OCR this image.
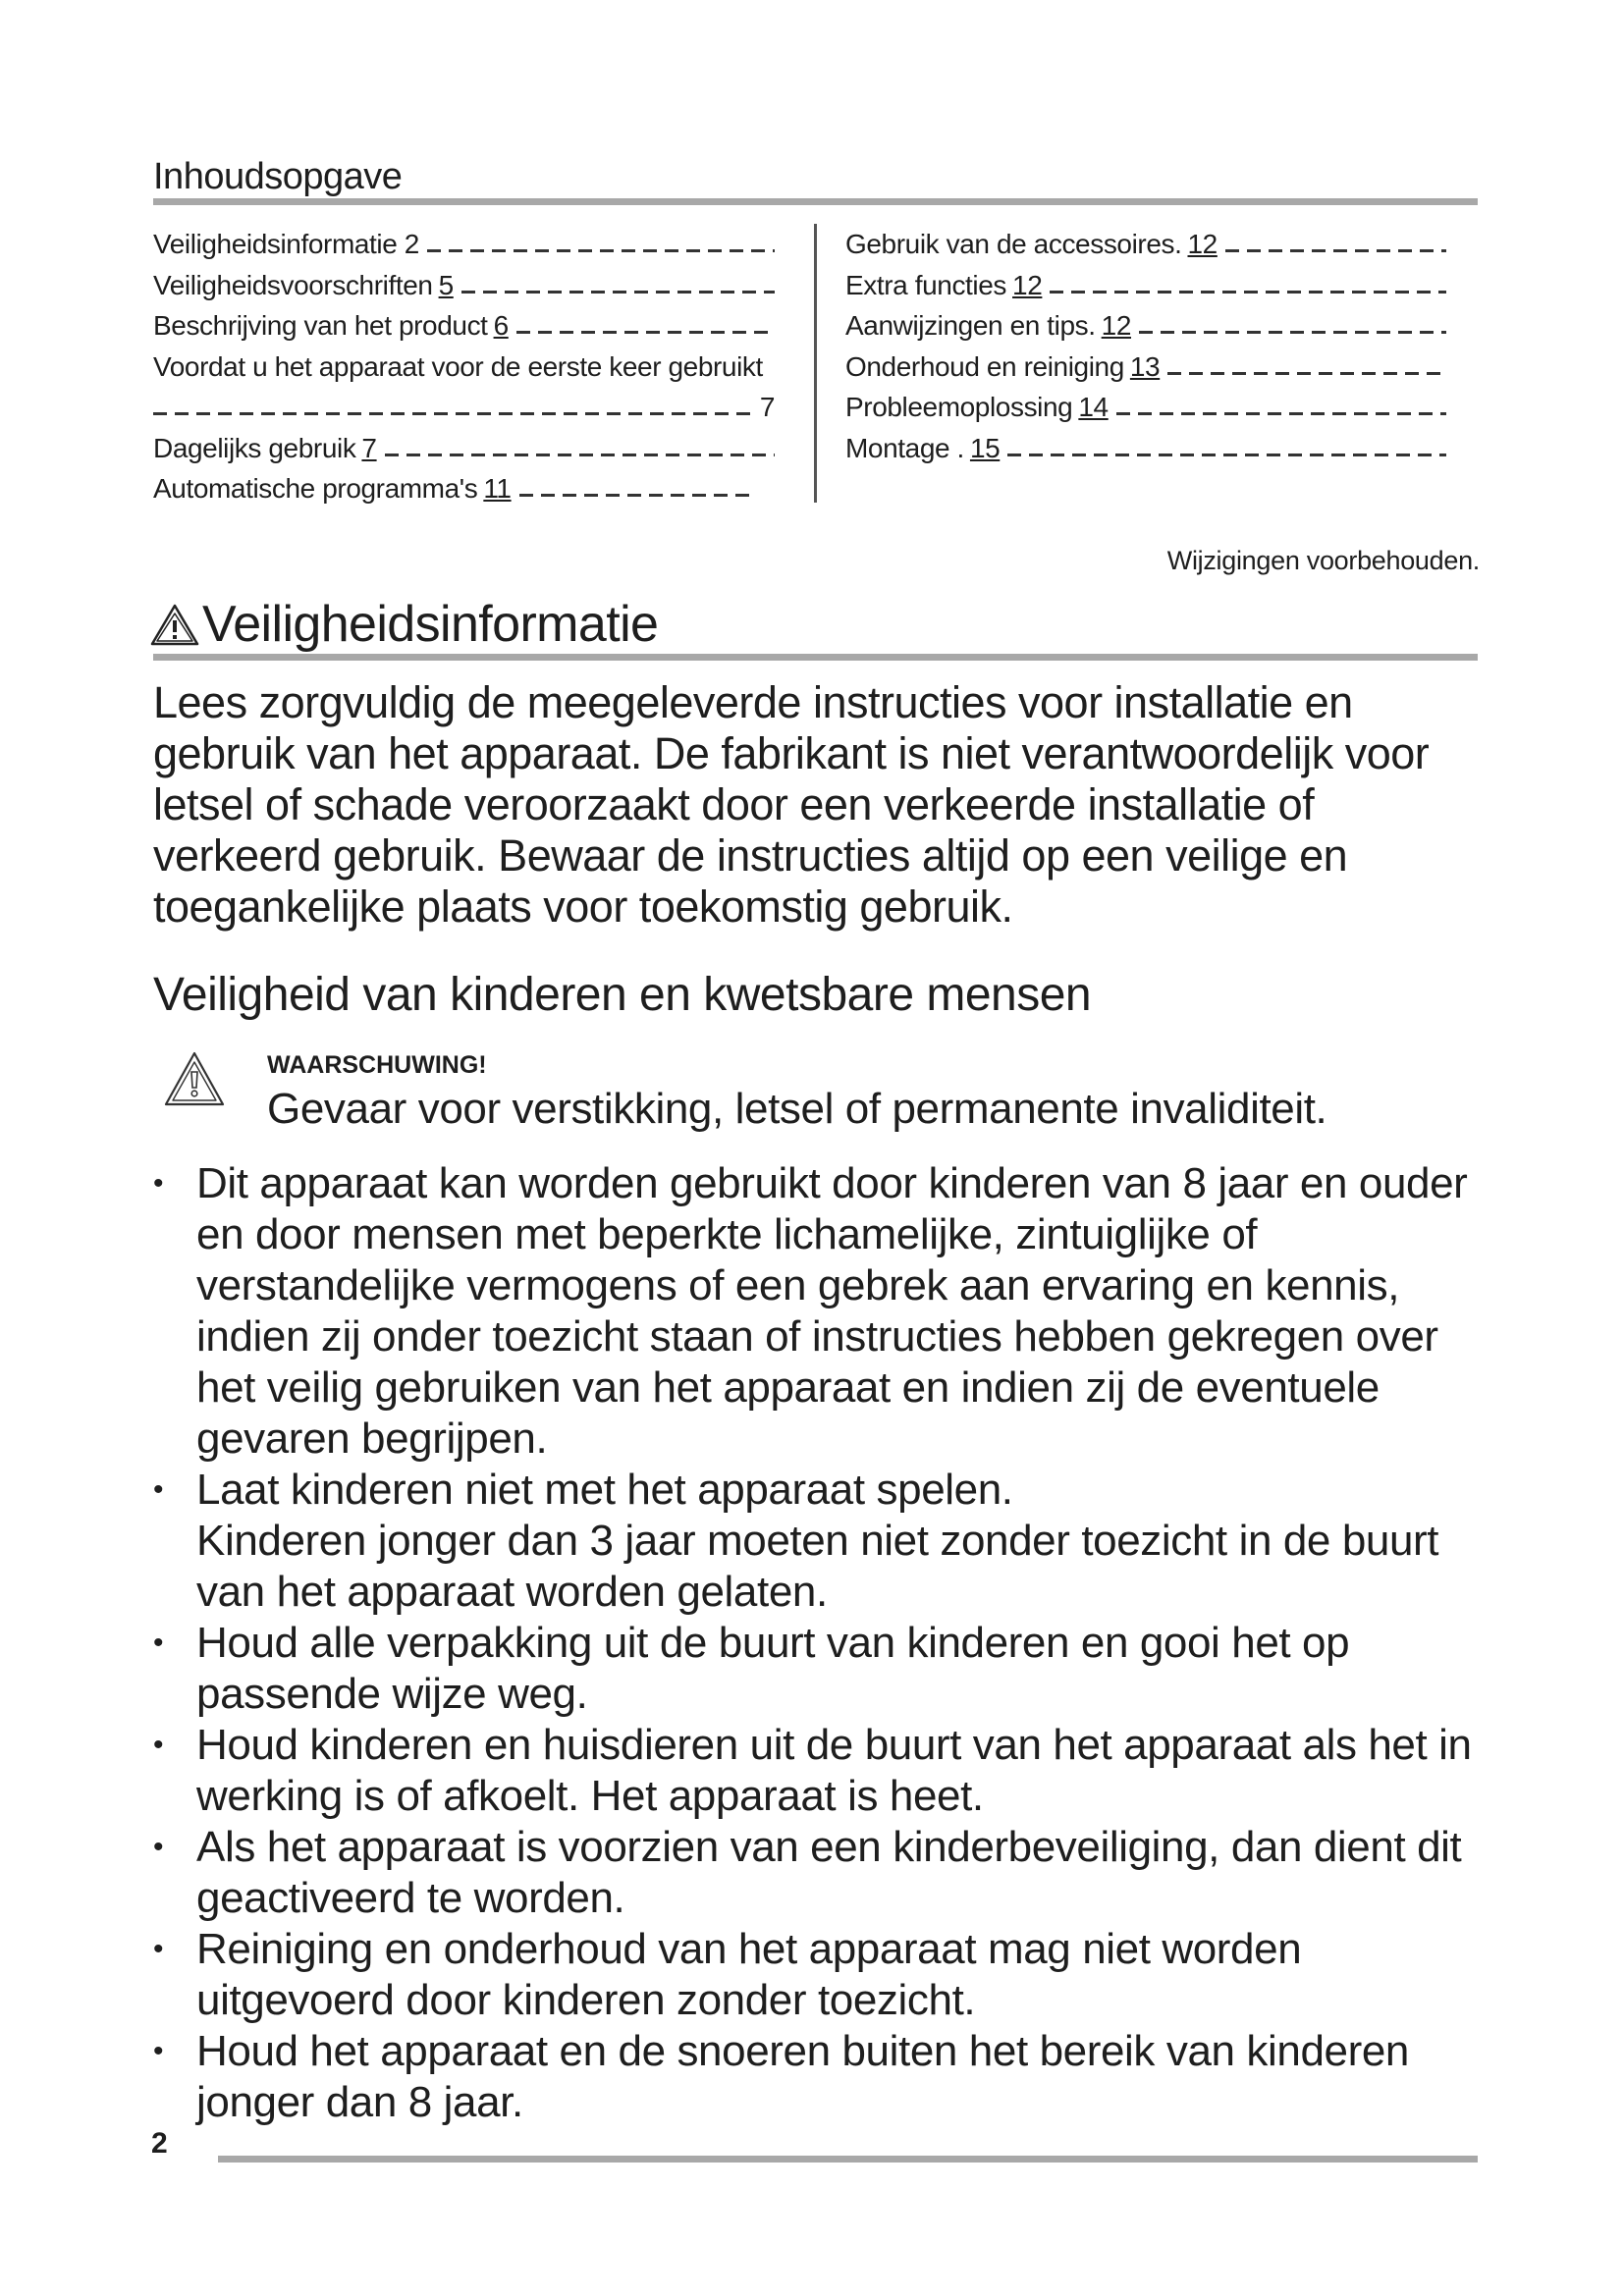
Inhoudsopgave
Veiligheidsinformatie 2
Veiligheidsvoorschriften 5
Beschrijving van het product 6
Voordat u het apparaat voor de eerste keer gebruikt
7
Dagelijks gebruik 7
Automatische programma's 11
Gebruik van de accessoires. 12
Extra functies 12
Aanwijzingen en tips. 12
Onderhoud en reiniging 13
Probleemoplossing 14
Montage . 15
Wijzigingen voorbehouden.
Veiligheidsinformatie
Lees zorgvuldig de meegeleverde instructies voor installatie en gebruik van het apparaat. De fabrikant is niet verantwoordelijk voor letsel of schade veroorzaakt door een verkeerde installatie of verkeerd gebruik. Bewaar de instructies altijd op een veilige en toegankelijke plaats voor toekomstig gebruik.
Veiligheid van kinderen en kwetsbare mensen
WAARSCHUWING!
Gevaar voor verstikking, letsel of permanente invaliditeit.
• Dit apparaat kan worden gebruikt door kinderen van 8 jaar en ouder en door mensen met beperkte lichamelijke, zintuiglijke of verstandelijke vermogens of een gebrek aan ervaring en kennis, indien zij onder toezicht staan of instructies hebben gekregen over het veilig gebruiken van het apparaat en indien zij de eventuele gevaren begrijpen.
• Laat kinderen niet met het apparaat spelen.
Kinderen jonger dan 3 jaar moeten niet zonder toezicht in de buurt van het apparaat worden gelaten.
• Houd alle verpakking uit de buurt van kinderen en gooi het op passende wijze weg.
• Houd kinderen en huisdieren uit de buurt van het apparaat als het in werking is of afkoelt. Het apparaat is heet.
• Als het apparaat is voorzien van een kinderbeveiliging, dan dient dit geactiveerd te worden.
• Reiniging en onderhoud van het apparaat mag niet worden uitgevoerd door kinderen zonder toezicht.
• Houd het apparaat en de snoeren buiten het bereik van kinderen jonger dan 8 jaar.
2
